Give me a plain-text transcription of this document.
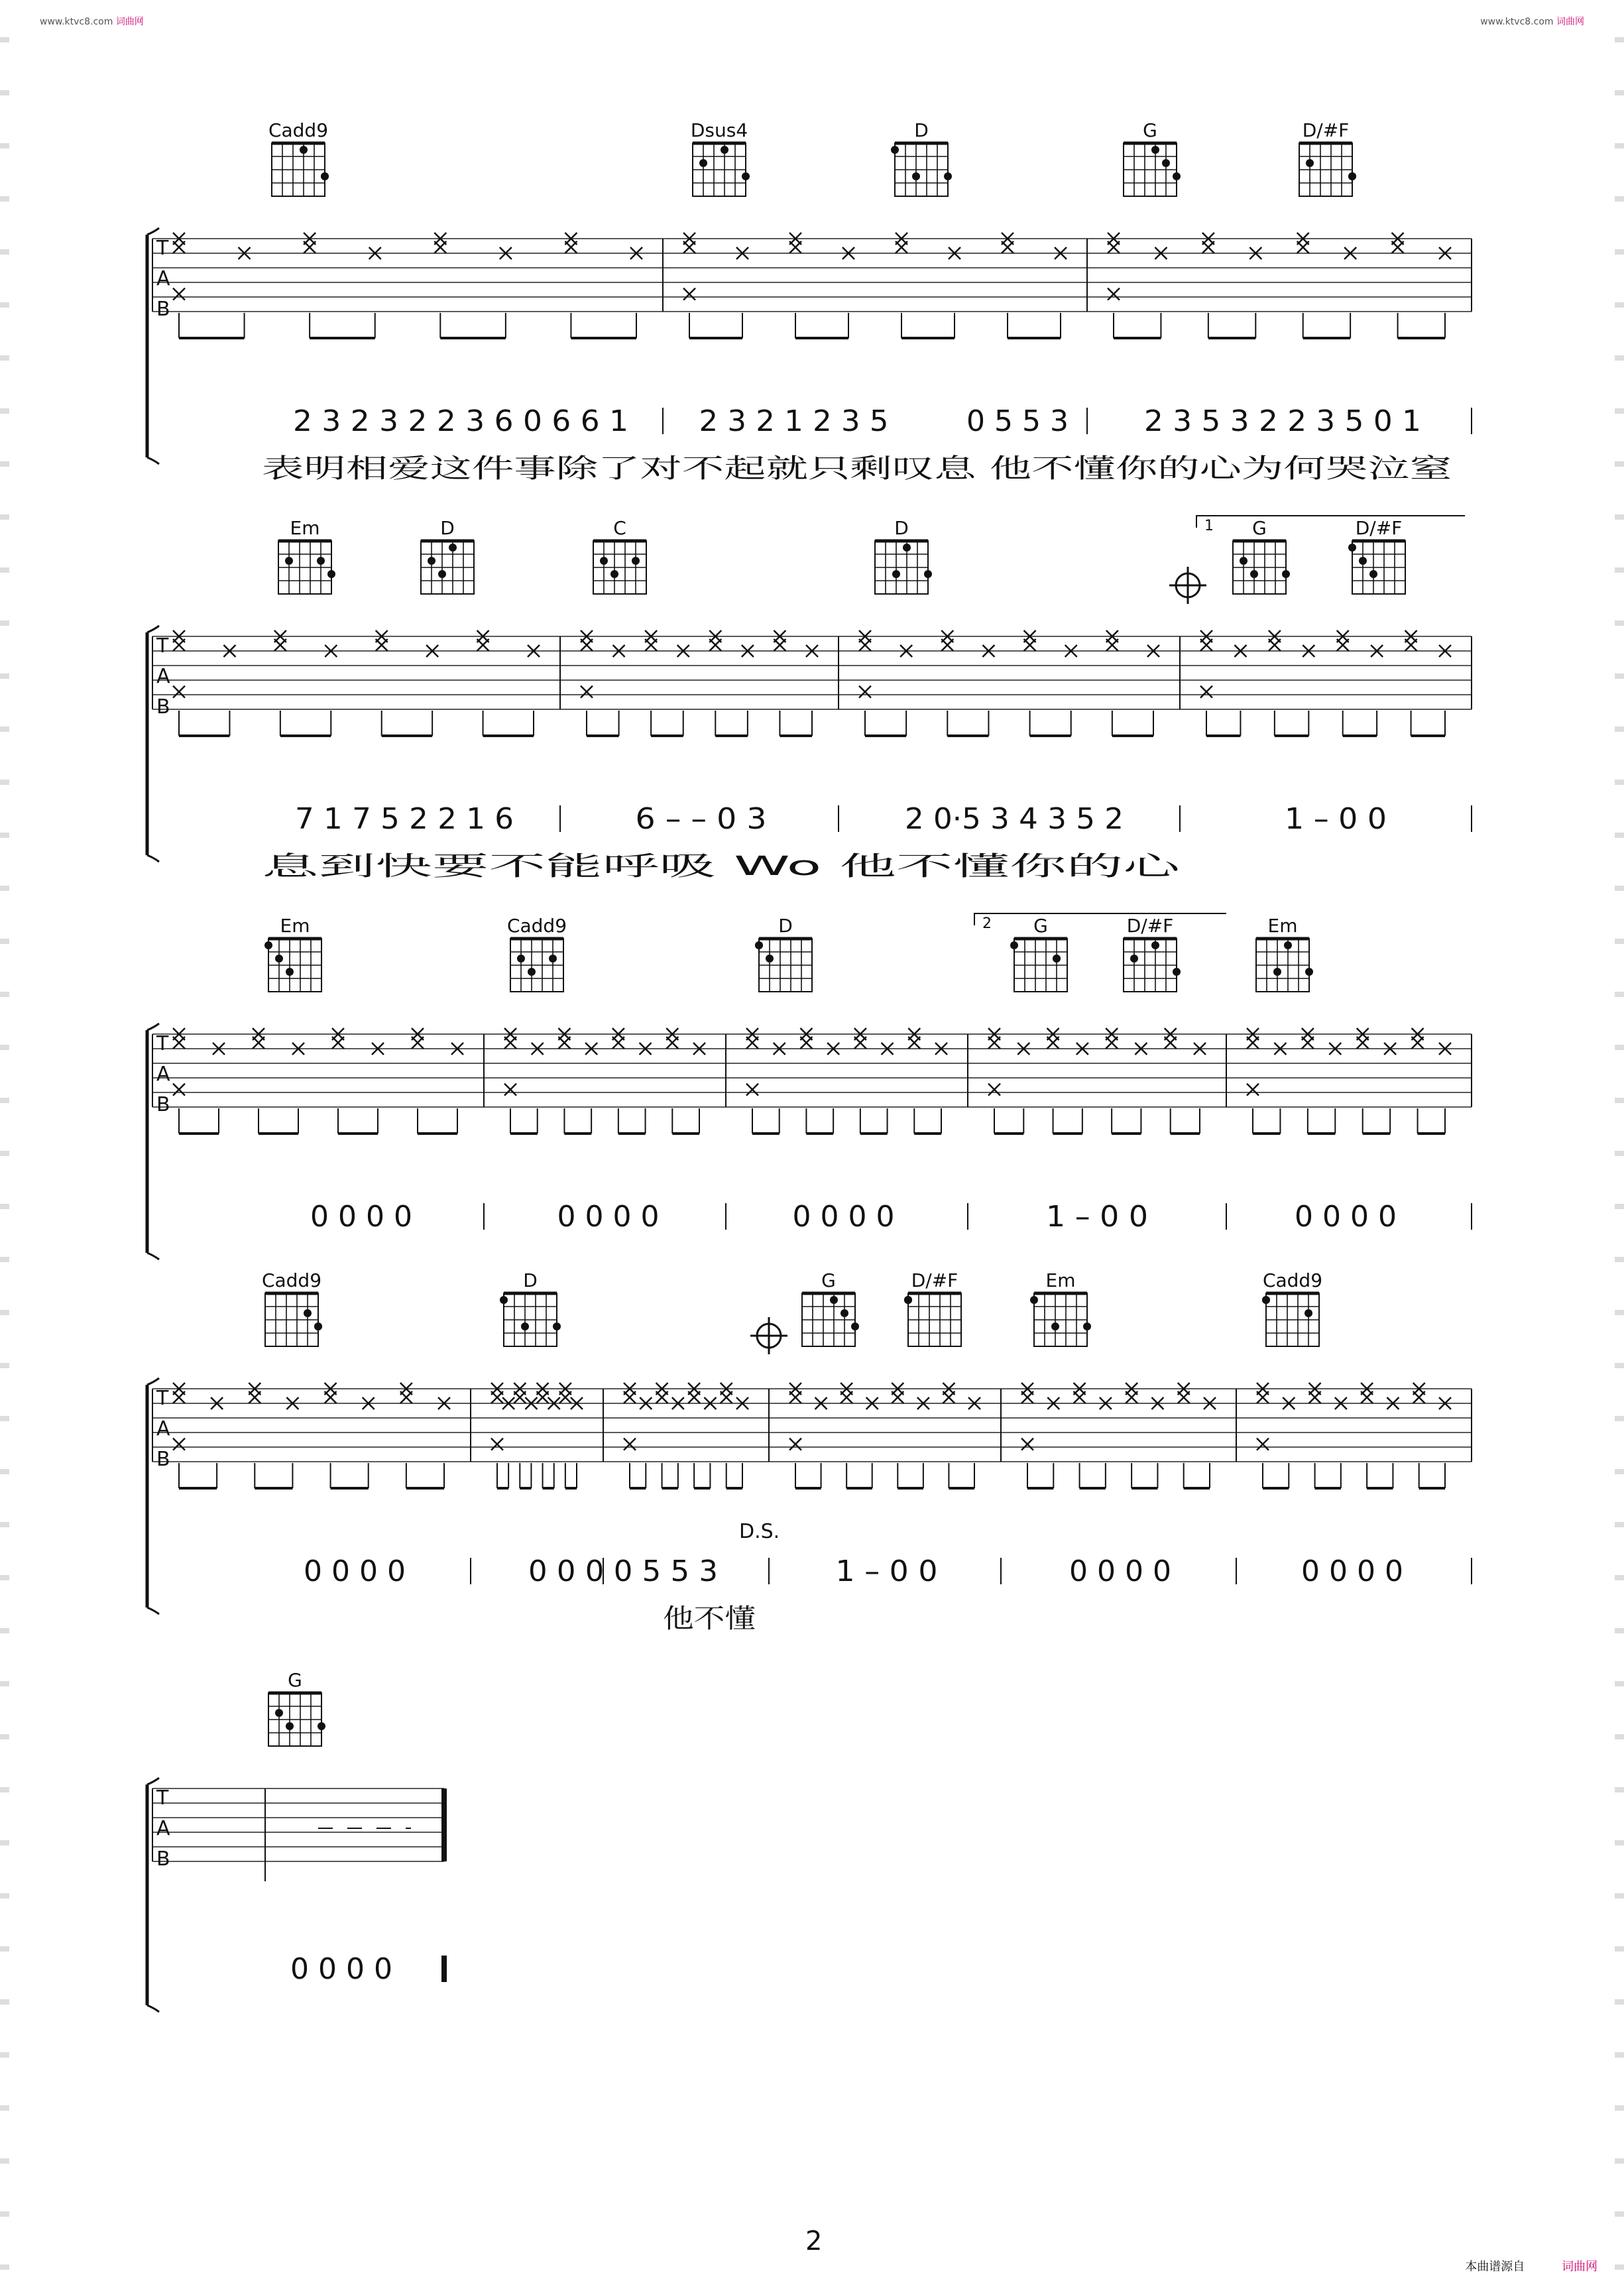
www.ktvc8.com 词曲网	www.ktvc8.com 词曲网
T
A
B
Cadd9	Dsus4	D	G	D/#F
2 3 2 3 2 2 3 6 0 6 6 1 2 3 2 1 2 3 5	0 5 5 3	2 3 5 3 2 2 3 5 0 1
表明相爱这件事除了对不起就只剩叹息 他不懂你的心为何哭泣窒
T
A
B
Em	D	C	D	G	D/#F
7 1 7 5 2 2 1 6	6 – – 0 3	2 0·5 3 4 3 5 2	1 – 0 0
息到快要不能呼吸 Wo 他不懂你的心
T
A
B
Em	Cadd9	D	G	D/#F	Em
0 0 0 0	0 0 0 0	0 0 0 0	1 – 0 0	0 0 0 0
T
A
B
Cadd9	D	G	D/#F	Em	Cadd9
0 0 0 0	0 0 0 0 5 5 3	1 – 0 0	0 0 0 0	0 0 0 0
他不懂
T
A
B
G
0 0 0 0
1
2
D.S.
2
本曲谱源自	词曲网
